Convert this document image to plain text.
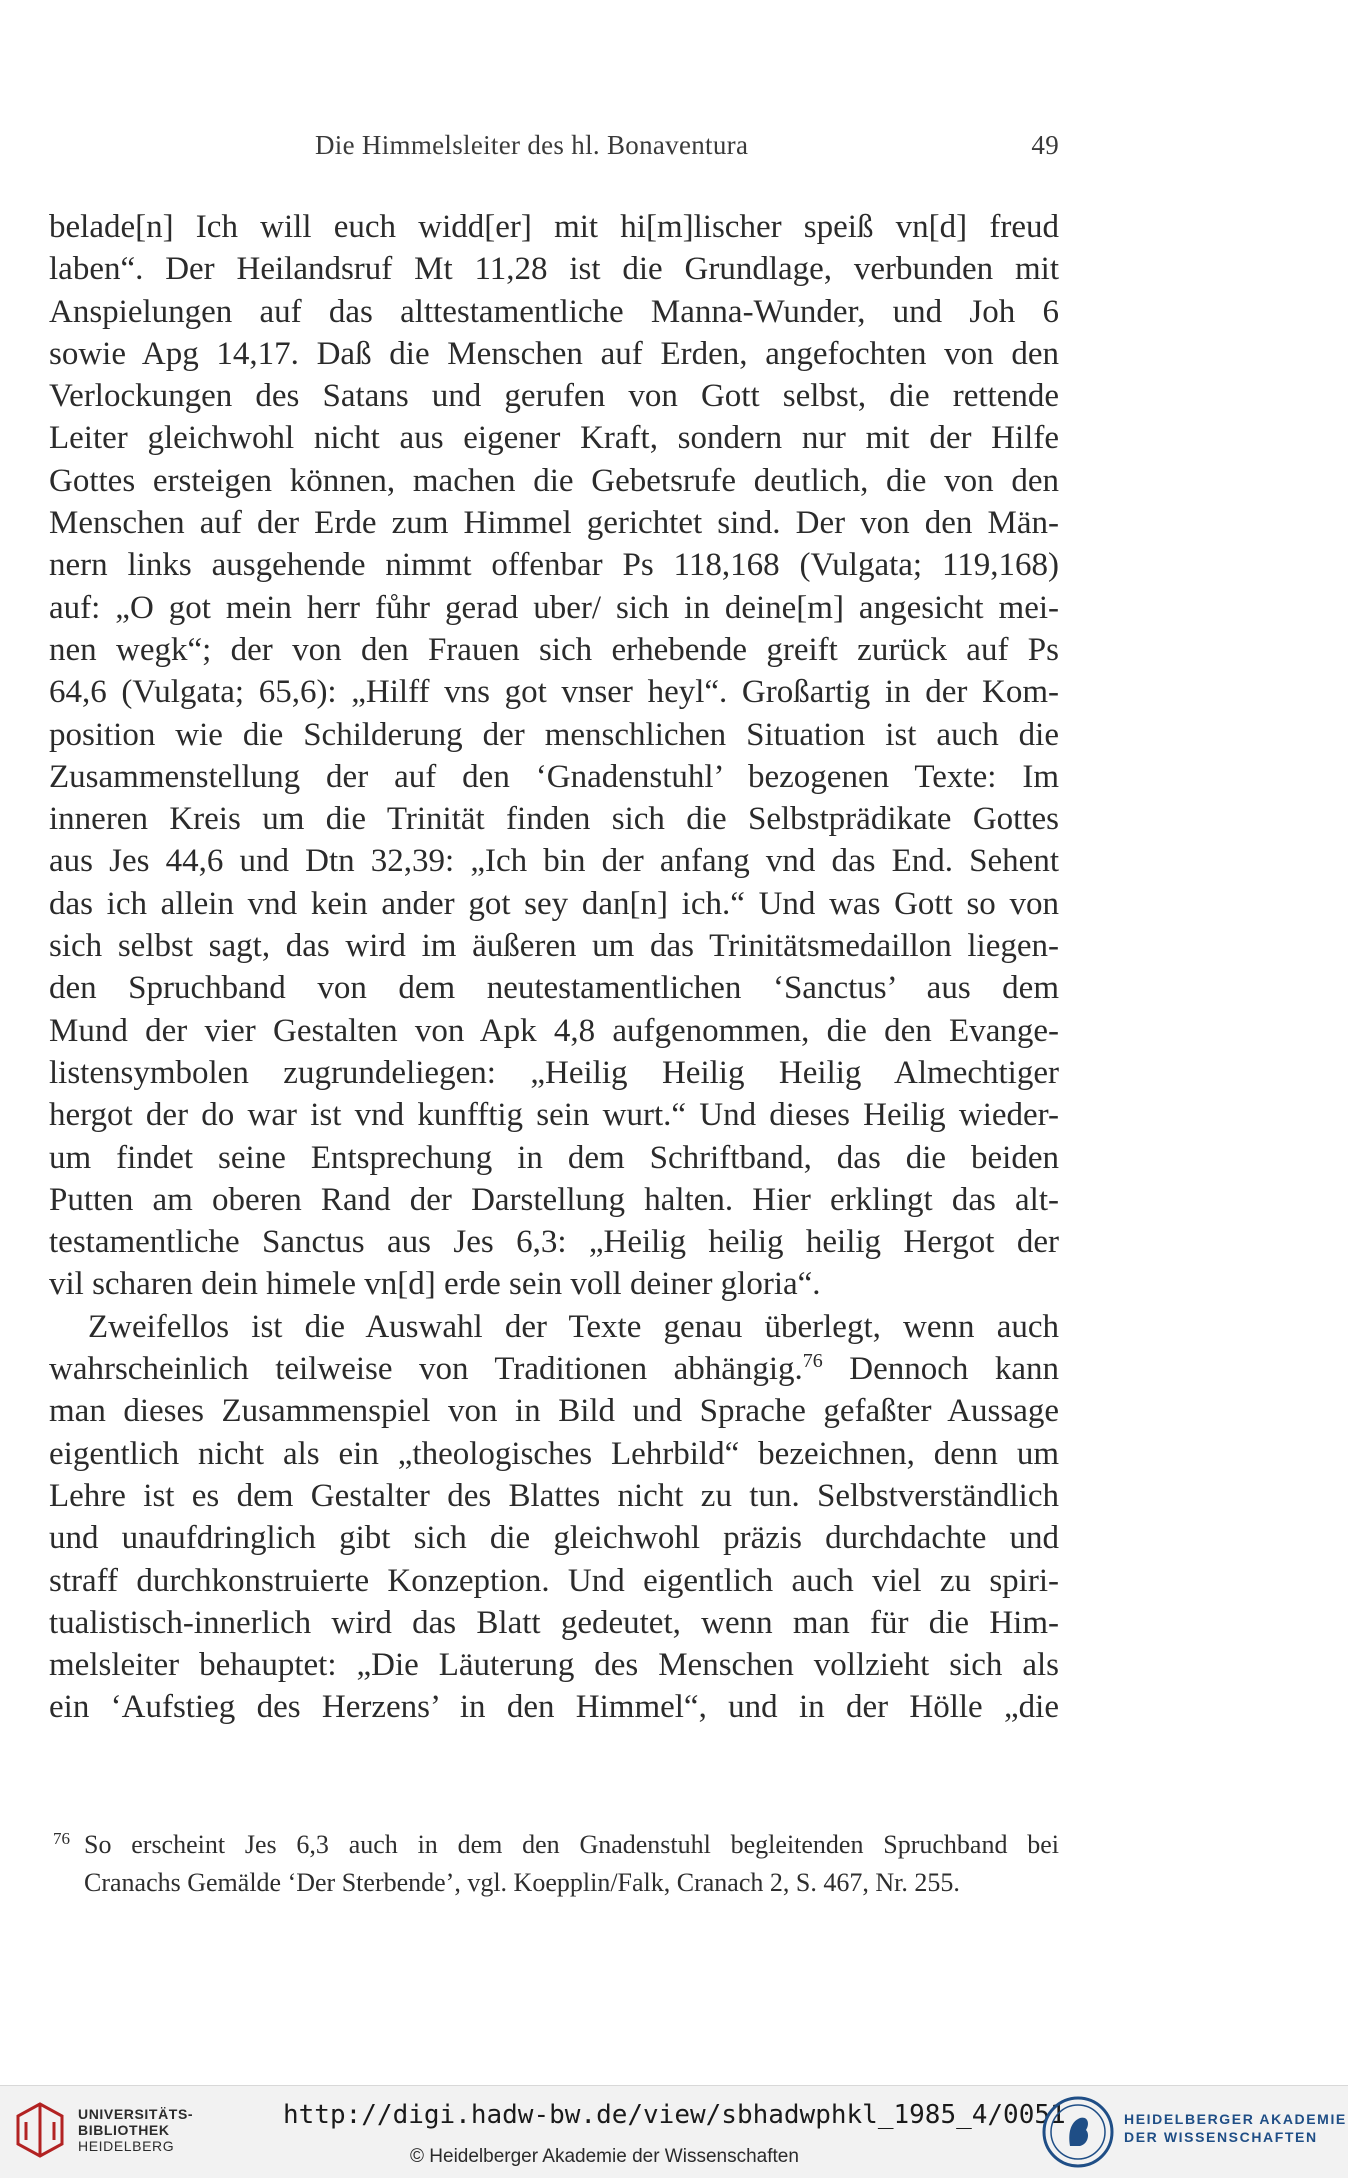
Die Himmelsleiter des hl. Bonaventura	49
belade[n] Ich will euch widd[er] mit hi[m]lischer speiß vn[d] freud
laben“. Der Heilandsruf Mt 11,28 ist die Grundlage, verbunden mit
Anspielungen auf das alttestamentliche Manna-Wunder, und Joh 6
sowie Apg 14,17. Daß die Menschen auf Erden, angefochten von den
Verlockungen des Satans und gerufen von Gott selbst, die rettende
Leiter gleichwohl nicht aus eigener Kraft, sondern nur mit der Hilfe
Gottes ersteigen können, machen die Gebetsrufe deutlich, die von den
Menschen auf der Erde zum Himmel gerichtet sind. Der von den Män-
nern links ausgehende nimmt offenbar Ps 118,168 (Vulgata; 119,168)
auf: „O got mein herr fůhr gerad uber/ sich in deine[m] angesicht mei-
nen wegk“; der von den Frauen sich erhebende greift zurück auf Ps
64,6 (Vulgata; 65,6): „Hilff vns got vnser heyl“. Großartig in der Kom-
position wie die Schilderung der menschlichen Situation ist auch die
Zusammenstellung der auf den ‘Gnadenstuhl’ bezogenen Texte: Im
inneren Kreis um die Trinität finden sich die Selbstprädikate Gottes
aus Jes 44,6 und Dtn 32,39: „Ich bin der anfang vnd das End. Sehent
das ich allein vnd kein ander got sey dan[n] ich.“ Und was Gott so von
sich selbst sagt, das wird im äußeren um das Trinitätsmedaillon liegen-
den Spruchband von dem neutestamentlichen ‘Sanctus’ aus dem
Mund der vier Gestalten von Apk 4,8 aufgenommen, die den Evange-
listensymbolen zugrundeliegen: „Heilig Heilig Heilig Almechtiger
hergot der do war ist vnd kunfftig sein wurt.“ Und dieses Heilig wieder-
um findet seine Entsprechung in dem Schriftband, das die beiden
Putten am oberen Rand der Darstellung halten. Hier erklingt das alt-
testamentliche Sanctus aus Jes 6,3: „Heilig heilig heilig Hergot der
vil scharen dein himele vn[d] erde sein voll deiner gloria“.
Zweifellos ist die Auswahl der Texte genau überlegt, wenn auch
wahrscheinlich teilweise von Traditionen abhängig.$^{76}$ Dennoch kann
man dieses Zusammenspiel von in Bild und Sprache gefaßter Aussage
eigentlich nicht als ein „theologisches Lehrbild“ bezeichnen, denn um
Lehre ist es dem Gestalter des Blattes nicht zu tun. Selbstverständlich
und unaufdringlich gibt sich die gleichwohl präzis durchdachte und
straff durchkonstruierte Konzeption. Und eigentlich auch viel zu spiri-
tualistisch-innerlich wird das Blatt gedeutet, wenn man für die Him-
melsleiter behauptet: „Die Läuterung des Menschen vollzieht sich als
ein ‘Aufstieg des Herzens’ in den Himmel“, und in der Hölle „die
76 So erscheint Jes 6,3 auch in dem den Gnadenstuhl begleitenden Spruchband bei
Cranachs Gemälde ‘Der Sterbende’, vgl. Koepplin/Falk, Cranach 2, S. 467, Nr. 255.
UNIVERSITÄTS-
BIBLIOTHEK
HEIDELBERG
http://digi.hadw-bw.de/view/sbhadwphkl_1985_4/0051
© Heidelberger Akademie der Wissenschaften
HEIDELBERGER AKADEMIE
DER WISSENSCHAFTEN
